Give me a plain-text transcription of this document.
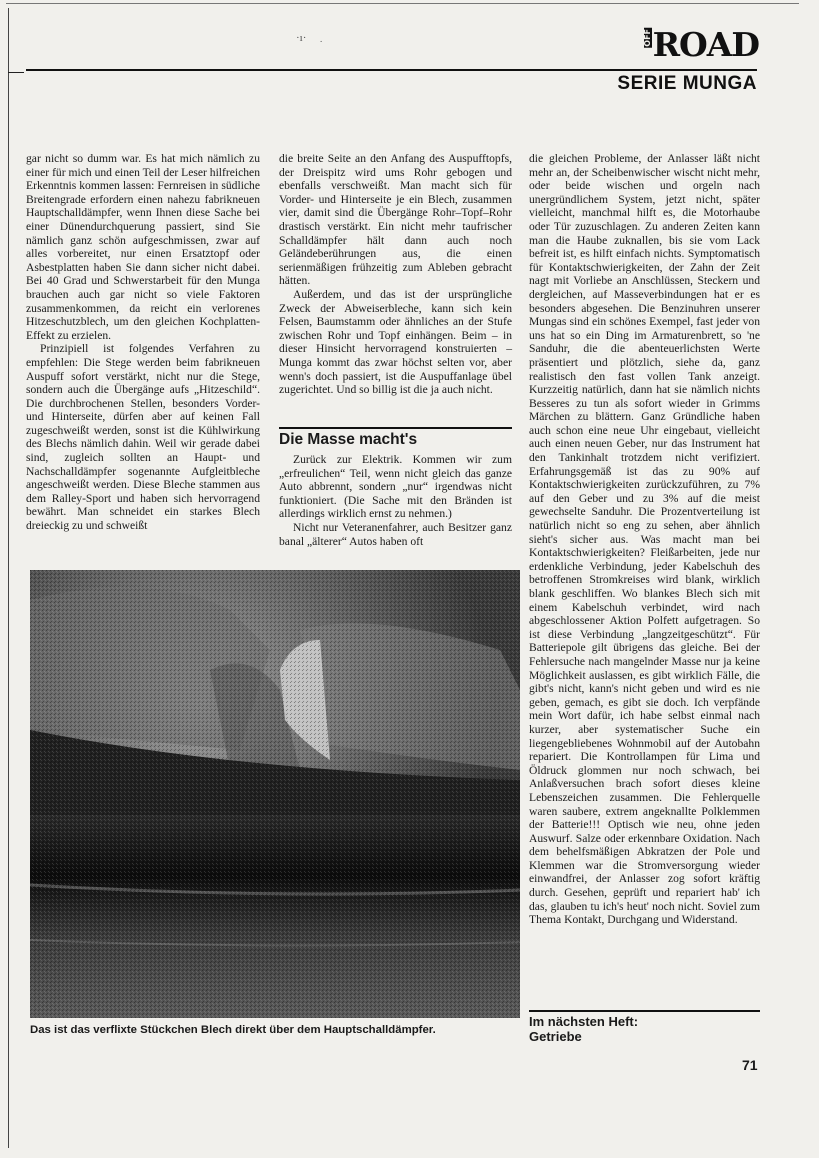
·ı· .	OFFROAD
SERIE MUNGA

gar nicht so dumm war. Es hat mich nämlich zu einer für mich und einen Teil der Leser hilfreichen Erkenntnis kommen lassen: Fernreisen in südliche Breitengrade erfordern einen nahezu fabrikneuen Hauptschalldämpfer, wenn Ihnen diese Sache bei einer Dünendurchquerung passiert, sind Sie nämlich ganz schön aufgeschmissen, zwar auf alles vorbereitet, nur einen Ersatztopf oder Asbestplatten haben Sie dann sicher nicht dabei. Bei 40 Grad und Schwerstarbeit für den Munga brauchen auch gar nicht so viele Faktoren zusammenkommen, da reicht ein verlorenes Hitzeschutzblech, um den gleichen Kochplatten-Effekt zu erzielen.

Prinzipiell ist folgendes Verfahren zu empfehlen: Die Stege werden beim fabrikneuen Auspuff sofort verstärkt, nicht nur die Stege, sondern auch die Übergänge aufs „Hitzeschild“. Die durchbrochenen Stellen, besonders Vorder- und Hinterseite, dürfen aber auf keinen Fall zugeschweißt werden, sonst ist die Kühlwirkung des Blechs nämlich dahin. Weil wir gerade dabei sind, zugleich sollten an Haupt- und Nachschalldämpfer sogenannte Aufgleitbleche angeschweißt werden. Diese Bleche stammen aus dem Ralley-Sport und haben sich hervorragend bewährt. Man schneidet ein starkes Blech dreieckig zu und schweißt

die breite Seite an den Anfang des Auspufftopfs, der Dreispitz wird ums Rohr gebogen und ebenfalls verschweißt. Man macht sich für Vorder- und Hinterseite je ein Blech, zusammen vier, damit sind die Übergänge Rohr–Topf–Rohr drastisch verstärkt. Ein nicht mehr taufrischer Schalldämpfer hält dann auch noch Geländeberührungen aus, die einen serienmäßigen frühzeitig zum Ableben gebracht hätten.

Außerdem, und das ist der ursprüngliche Zweck der Abweiserbleche, kann sich kein Felsen, Baumstamm oder ähnliches an der Stufe zwischen Rohr und Topf einhängen. Beim – in dieser Hinsicht hervorragend konstruierten – Munga kommt das zwar höchst selten vor, aber wenn's doch passiert, ist die Auspuffanlage übel zugerichtet. Und so billig ist die ja auch nicht.

Die Masse macht's

Zurück zur Elektrik. Kommen wir zum „erfreulichen“ Teil, wenn nicht gleich das ganze Auto abbrennt, sondern „nur“ irgendwas nicht funktioniert. (Die Sache mit den Bränden ist allerdings wirklich ernst zu nehmen.)

Nicht nur Veteranenfahrer, auch Besitzer ganz banal „älterer“ Autos haben oft

die gleichen Probleme, der Anlasser läßt nicht mehr an, der Scheibenwischer wischt nicht mehr, oder beide wischen und orgeln nach unergründlichem System, jetzt nicht, später vielleicht, manchmal hilft es, die Motorhaube oder Tür zuzuschlagen. Zu anderen Zeiten kann man die Haube zuknallen, bis sie vom Lack befreit ist, es hilft einfach nichts. Symptomatisch für Kontaktschwierigkeiten, der Zahn der Zeit nagt mit Vorliebe an Anschlüssen, Steckern und dergleichen, auf Masseverbindungen hat er es besonders abgesehen. Die Benzinuhren unserer Mungas sind ein schönes Exempel, fast jeder von uns hat so ein Ding im Armaturenbrett, so 'ne Sanduhr, die die abenteuerlichsten Werte präsentiert und plötzlich, siehe da, ganz realistisch den fast vollen Tank anzeigt. Kurzzeitig natürlich, dann hat sie nämlich nichts Besseres zu tun als sofort wieder in Grimms Märchen zu blättern. Ganz Gründliche haben auch schon eine neue Uhr eingebaut, vielleicht auch einen neuen Geber, nur das Instrument hat den Tankinhalt trotzdem nicht verifiziert. Erfahrungsgemäß ist das zu 90% auf Kontaktschwierigkeiten zurückzuführen, zu 7% auf den Geber und zu 3% auf die meist gewechselte Sanduhr. Die Prozentverteilung ist natürlich nicht so eng zu sehen, aber ähnlich sieht's sicher aus. Was macht man bei Kontaktschwierigkeiten? Fleißarbeiten, jede nur erdenkliche Verbindung, jeder Kabelschuh des betroffenen Stromkreises wird blank, wirklich blank geschliffen. Wo blankes Blech sich mit einem Kabelschuh verbindet, wird nach abgeschlossener Aktion Polfett aufgetragen. So ist diese Verbindung „langzeitgeschützt“. Für Batteriepole gilt übrigens das gleiche. Bei der Fehlersuche nach mangelnder Masse nur ja keine Möglichkeit auslassen, es gibt wirklich Fälle, die gibt's nicht, kann's nicht geben und wird es nie geben, gemach, es gibt sie doch. Ich verpfände mein Wort dafür, ich habe selbst einmal nach kurzer, aber systematischer Suche ein liegengebliebenes Wohnmobil auf der Autobahn repariert. Die Kontrollampen für Lima und Öldruck glommen nur noch schwach, bei Anlaßversuchen brach sofort dieses kleine Lebenszeichen zusammen. Die Fehlerquelle waren saubere, extrem angeknallte Polklemmen der Batterie!!! Optisch wie neu, ohne jeden Auswurf. Salze oder erkennbare Oxidation. Nach dem behelfsmäßigen Abkratzen der Pole und Klemmen war die Stromversorgung wieder einwandfrei, der Anlasser zog sofort kräftig durch. Gesehen, geprüft und repariert hab' ich das, glauben tu ich's heut' noch nicht. Soviel zum Thema Kontakt, Durchgang und Widerstand.

Das ist das verflixte Stückchen Blech direkt über dem Hauptschalldämpfer.
Im nächsten Heft:
Getriebe
71
